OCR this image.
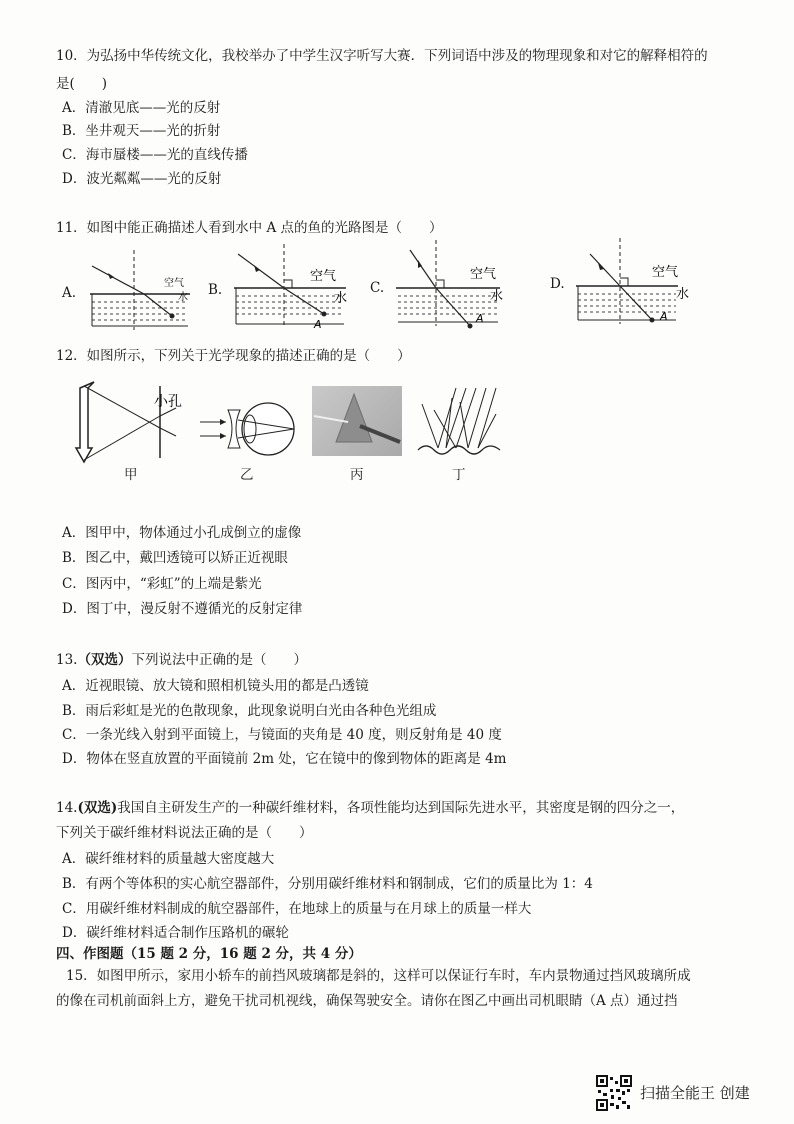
10．为弘扬中华传统文化，我校举办了中学生汉字听写大赛．下列词语中涉及的物理现象和对它的解释相符的
是(　　)
A．清澈见底——光的反射
B．坐井观天——光的折射
C．海市蜃楼——光的直线传播
D．波光粼粼——光的反射
11．如图中能正确描述人看到水中 A 点的鱼的光路图是（　　）
A.
空气
水 B.
空气
水
A
C.
空气
水
A
D.
空气
水
A
12．如图所示，下列关于光学现象的描述正确的是（　　）
小孔
甲	乙	丙	丁
A．图甲中，物体通过小孔成倒立的虚像
B．图乙中，戴凹透镜可以矫正近视眼
C．图丙中，“彩虹”的上端是紫光
D．图丁中，漫反射不遵循光的反射定律
13.（双选）下列说法中正确的是（　　）
A．近视眼镜、放大镜和照相机镜头用的都是凸透镜
B．雨后彩虹是光的色散现象，此现象说明白光由各种色光组成
C．一条光线入射到平面镜上，与镜面的夹角是 40 度，则反射角是 40 度
D．物体在竖直放置的平面镜前 2m 处，它在镜中的像到物体的距离是 4m
14.(双选)我国自主研发生产的一种碳纤维材料，各项性能均达到国际先进水平，其密度是钢的四分之一，
下列关于碳纤维材料说法正确的是（　　）
A．碳纤维材料的质量越大密度越大
B．有两个等体积的实心航空器部件，分别用碳纤维材料和钢制成，它们的质量比为 1：4
C．用碳纤维材料制成的航空器部件，在地球上的质量与在月球上的质量一样大
D．碳纤维材料适合制作压路机的碾轮
四、作图题（15 题 2 分，16 题 2 分，共 4 分）
15．如图甲所示，家用小轿车的前挡风玻璃都是斜的，这样可以保证行车时，车内景物通过挡风玻璃所成
的像在司机前面斜上方，避免干扰司机视线，确保驾驶安全。请你在图乙中画出司机眼睛（A 点）通过挡
扫描全能王 创建
